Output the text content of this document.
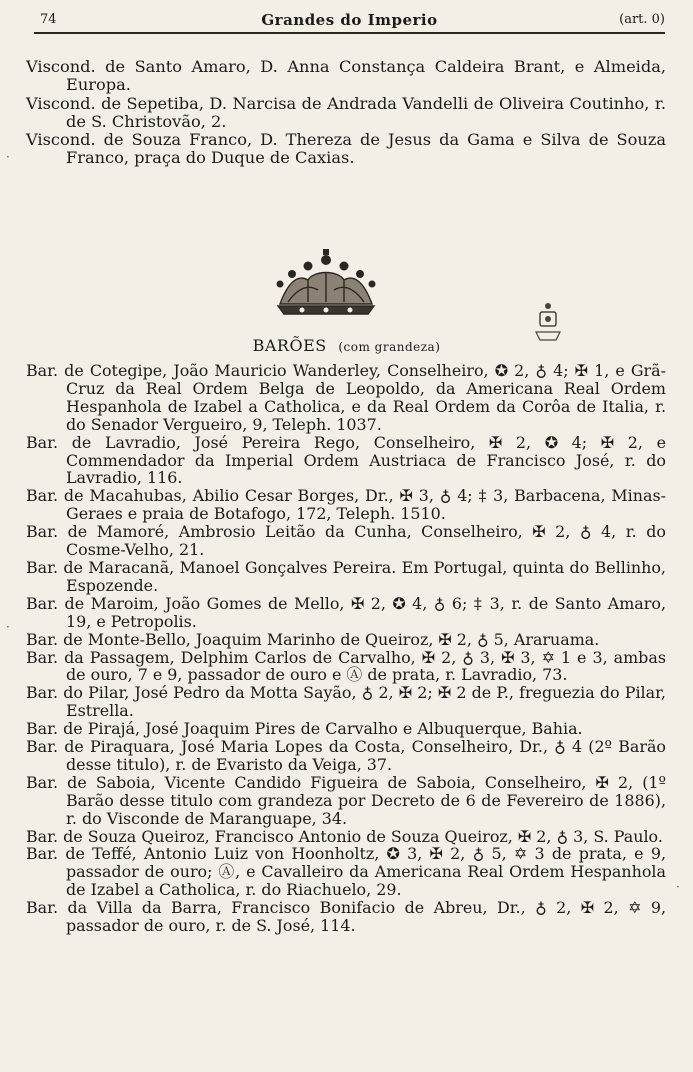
74	Grandes do Imperio	(art. 0)

Viscond. de Santo Amaro, D. Anna Constança Caldeira Brant, e Almeida, Europa.

Viscond. de Sepetiba, D. Narcisa de Andrada Vandelli de Oliveira Coutinho, r. de S. Christovão, 2.

Viscond. de Souza Franco, D. Thereza de Jesus da Gama e Silva de Souza Franco, praça do Duque de Caxias.

BARÕES (com grandeza)

Bar. de Cotegipe, João Mauricio Wanderley, Conselheiro, ✪ 2, ♁ 4; ✠ 1, e Grã-Cruz da Real Ordem Belga de Leopoldo, da Americana Real Ordem Hespanhola de Izabel a Catholica, e da Real Ordem da Corôa de Italia, r. do Senador Vergueiro, 9, Teleph. 1037.

Bar. de Lavradio, José Pereira Rego, Conselheiro, ✠ 2, ✪ 4; ✠ 2, e Commendador da Imperial Ordem Austriaca de Francisco José, r. do Lavradio, 116.

Bar. de Macahubas, Abilio Cesar Borges, Dr., ✠ 3, ♁ 4; ‡ 3, Barbacena, Minas-Geraes e praia de Botafogo, 172, Teleph. 1510.

Bar. de Mamoré, Ambrosio Leitão da Cunha, Conselheiro, ✠ 2, ♁ 4, r. do Cosme-Velho, 21.

Bar. de Maracanã, Manoel Gonçalves Pereira. Em Portugal, quinta do Bellinho, Espozende.

Bar. de Maroim, João Gomes de Mello, ✠ 2, ✪ 4, ♁ 6; ‡ 3, r. de Santo Amaro, 19, e Petropolis.

Bar. de Monte-Bello, Joaquim Marinho de Queiroz, ✠ 2, ♁ 5, Araruama.

Bar. da Passagem, Delphim Carlos de Carvalho, ✠ 2, ♁ 3, ✠ 3, ✡ 1 e 3, ambas de ouro, 7 e 9, passador de ouro e Ⓐ de prata, r. Lavradio, 73.

Bar. do Pilar, José Pedro da Motta Sayão, ♁ 2, ✠ 2; ✠ 2 de P., freguezia do Pilar, Estrella.

Bar. de Pirajá, José Joaquim Pires de Carvalho e Albuquerque, Bahia.

Bar. de Piraquara, José Maria Lopes da Costa, Conselheiro, Dr., ♁ 4 (2º Barão desse titulo), r. de Evaristo da Veiga, 37.

Bar. de Saboia, Vicente Candido Figueira de Saboia, Conselheiro, ✠ 2, (1º Barão desse titulo com grandeza por Decreto de 6 de Fevereiro de 1886), r. do Visconde de Maranguape, 34.

Bar. de Souza Queiroz, Francisco Antonio de Souza Queiroz, ✠ 2, ♁ 3, S. Paulo.

Bar. de Teffé, Antonio Luiz von Hoonholtz, ✪ 3, ✠ 2, ♁ 5, ✡ 3 de prata, e 9, passador de ouro; Ⓐ, e Cavalleiro da Americana Real Ordem Hespanhola de Izabel a Catholica, r. do Riachuelo, 29.

Bar. da Villa da Barra, Francisco Bonifacio de Abreu, Dr., ♁ 2, ✠ 2, ✡ 9, passador de ouro, r. de S. José, 114.

·
·
·
